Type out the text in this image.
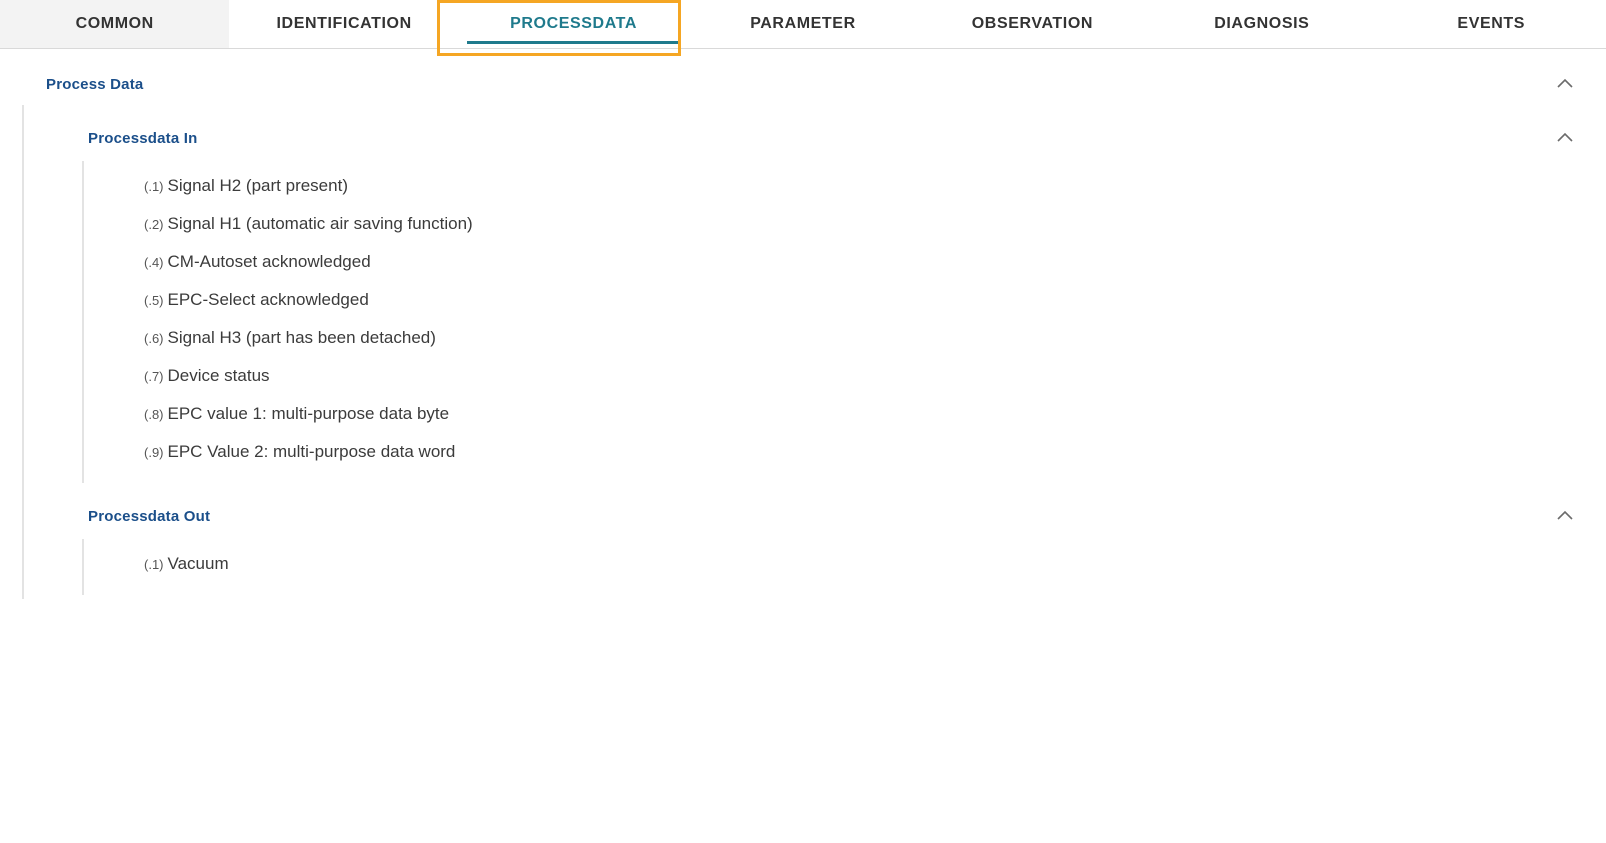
COMMON	IDENTIFICATION	PROCESSDATA	PARAMETER	OBSERVATION	DIAGNOSIS	EVENTS
Process Data
Processdata In
(.1) Signal H2 (part present)
(.2) Signal H1 (automatic air saving function)
(.4) CM-Autoset acknowledged
(.5) EPC-Select acknowledged
(.6) Signal H3 (part has been detached)
(.7) Device status
(.8) EPC value 1: multi-purpose data byte
(.9) EPC Value 2: multi-purpose data word
Processdata Out
(.1) Vacuum
